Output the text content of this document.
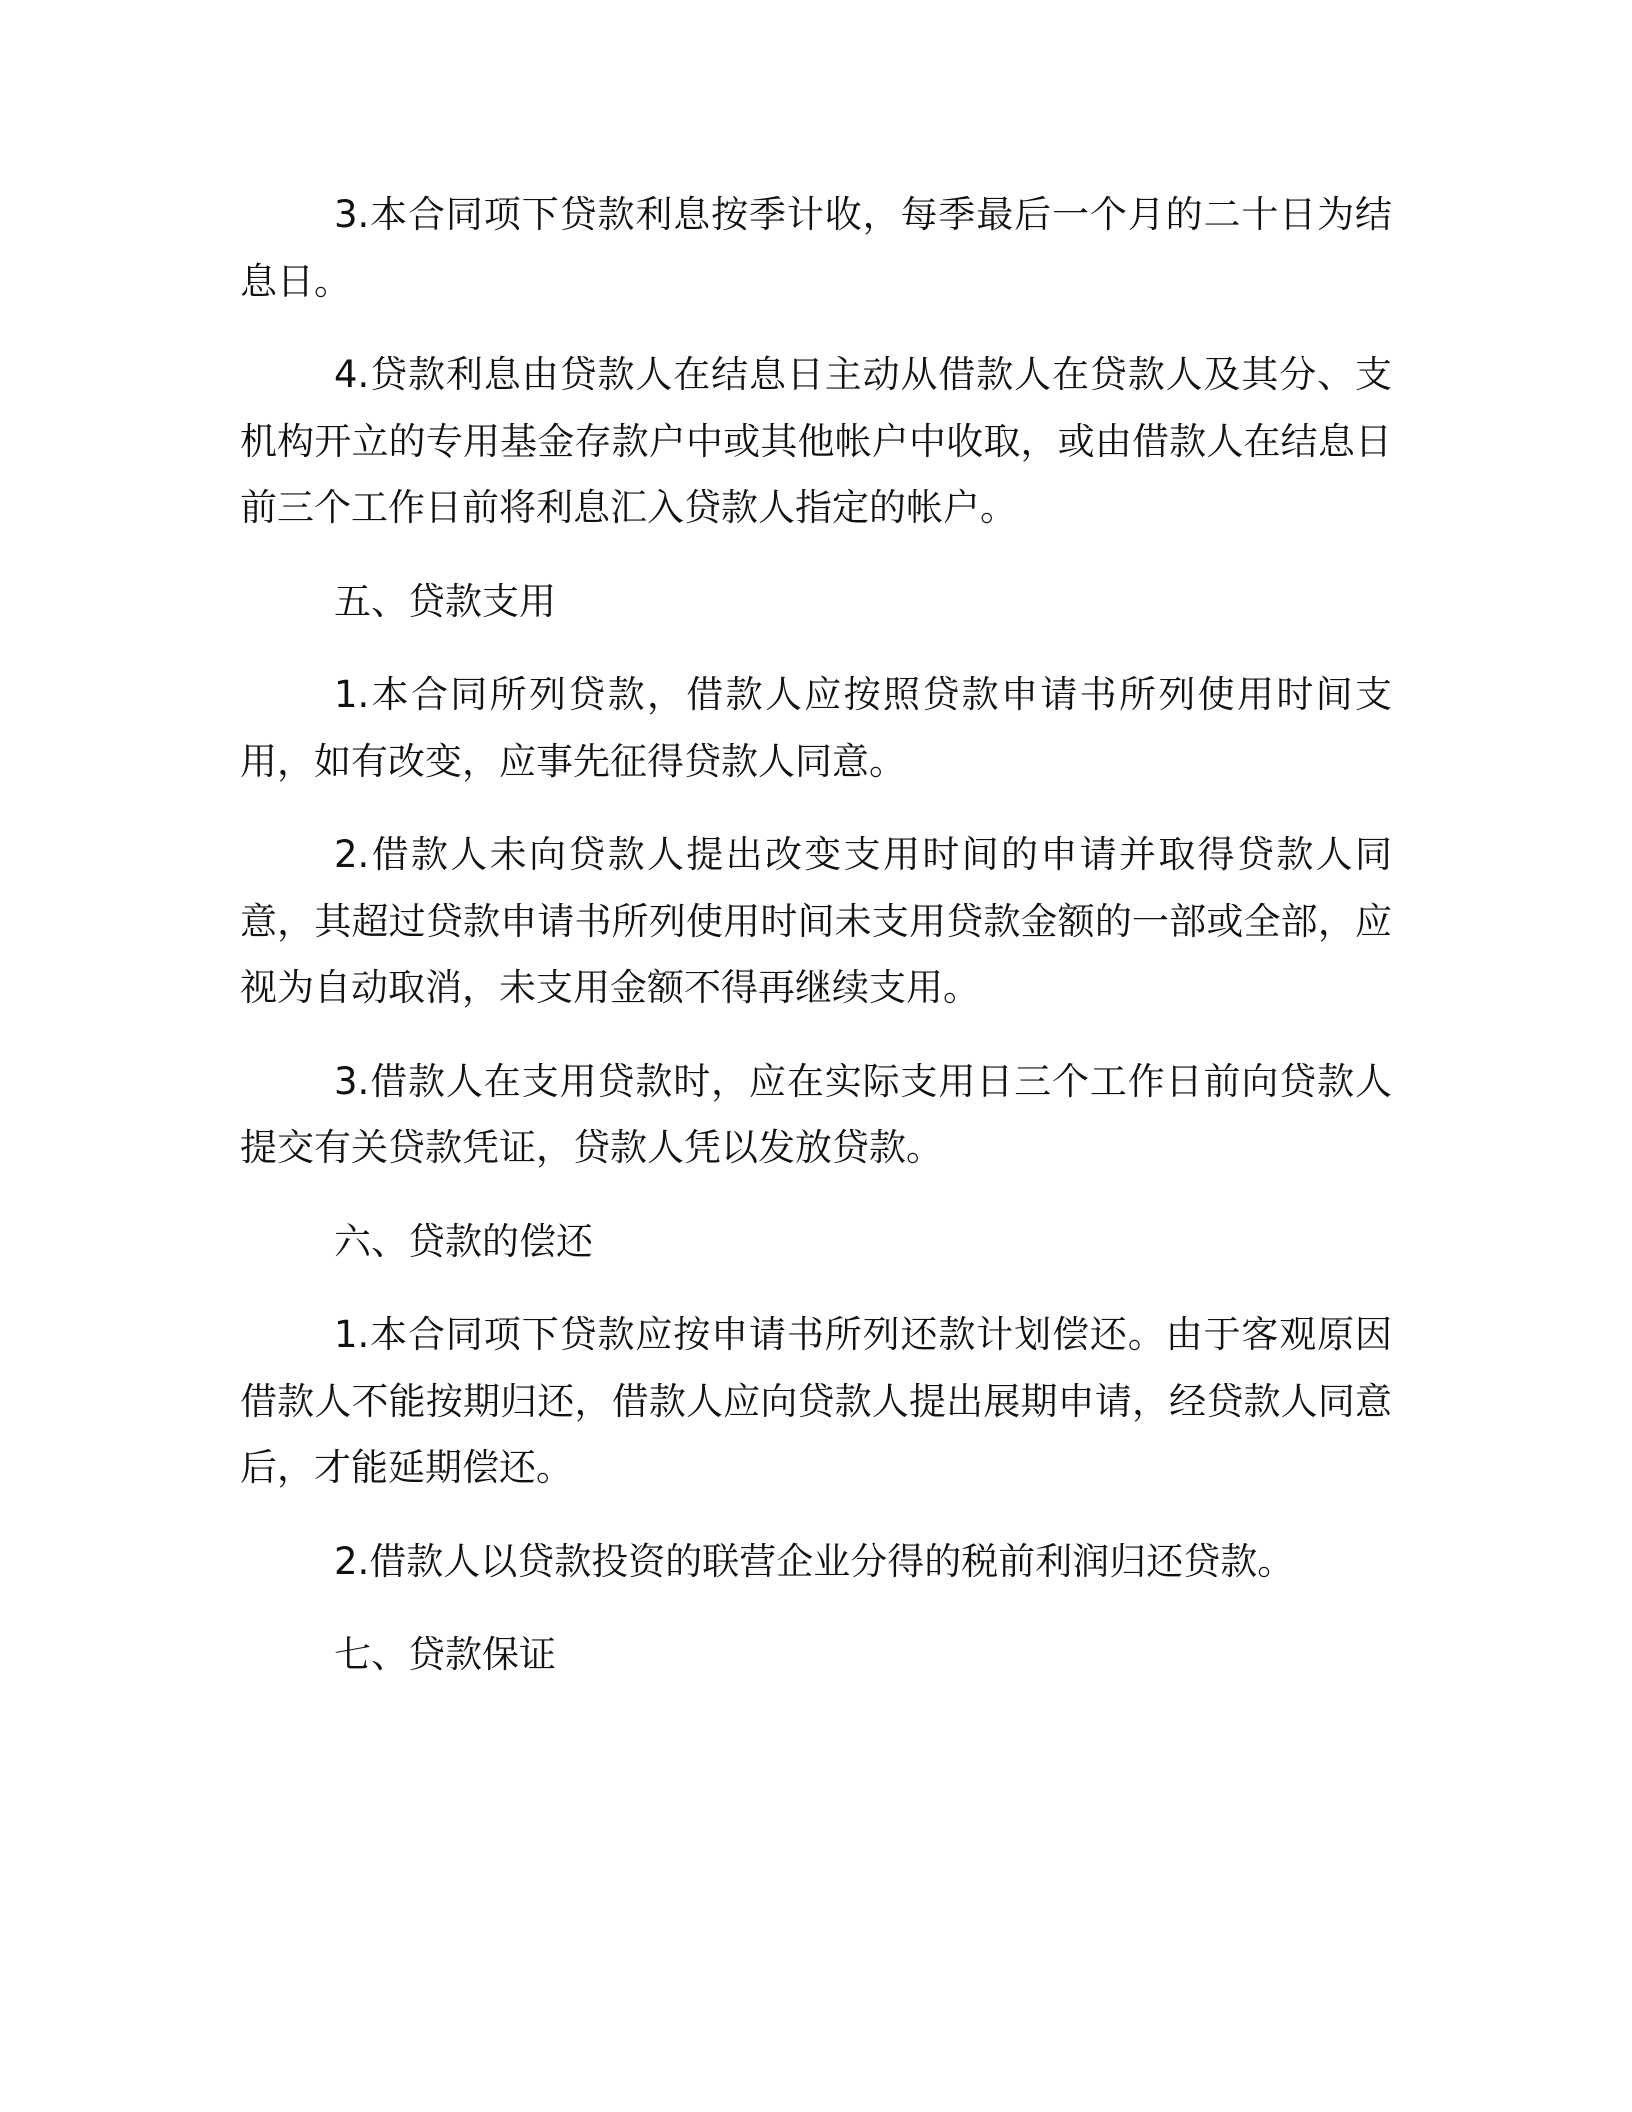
3.本合同项下贷款利息按季计收，每季最后一个月的二十日为结息日。

4.贷款利息由贷款人在结息日主动从借款人在贷款人及其分、支机构开立的专用基金存款户中或其他帐户中收取，或由借款人在结息日前三个工作日前将利息汇入贷款人指定的帐户。

五、贷款支用

1.本合同所列贷款，借款人应按照贷款申请书所列使用时间支用，如有改变，应事先征得贷款人同意。

2.借款人未向贷款人提出改变支用时间的申请并取得贷款人同意，其超过贷款申请书所列使用时间未支用贷款金额的一部或全部，应视为自动取消，未支用金额不得再继续支用。

3.借款人在支用贷款时，应在实际支用日三个工作日前向贷款人提交有关贷款凭证，贷款人凭以发放贷款。

六、贷款的偿还

1.本合同项下贷款应按申请书所列还款计划偿还。由于客观原因借款人不能按期归还，借款人应向贷款人提出展期申请，经贷款人同意后，才能延期偿还。

2.借款人以贷款投资的联营企业分得的税前利润归还贷款。

七、贷款保证
